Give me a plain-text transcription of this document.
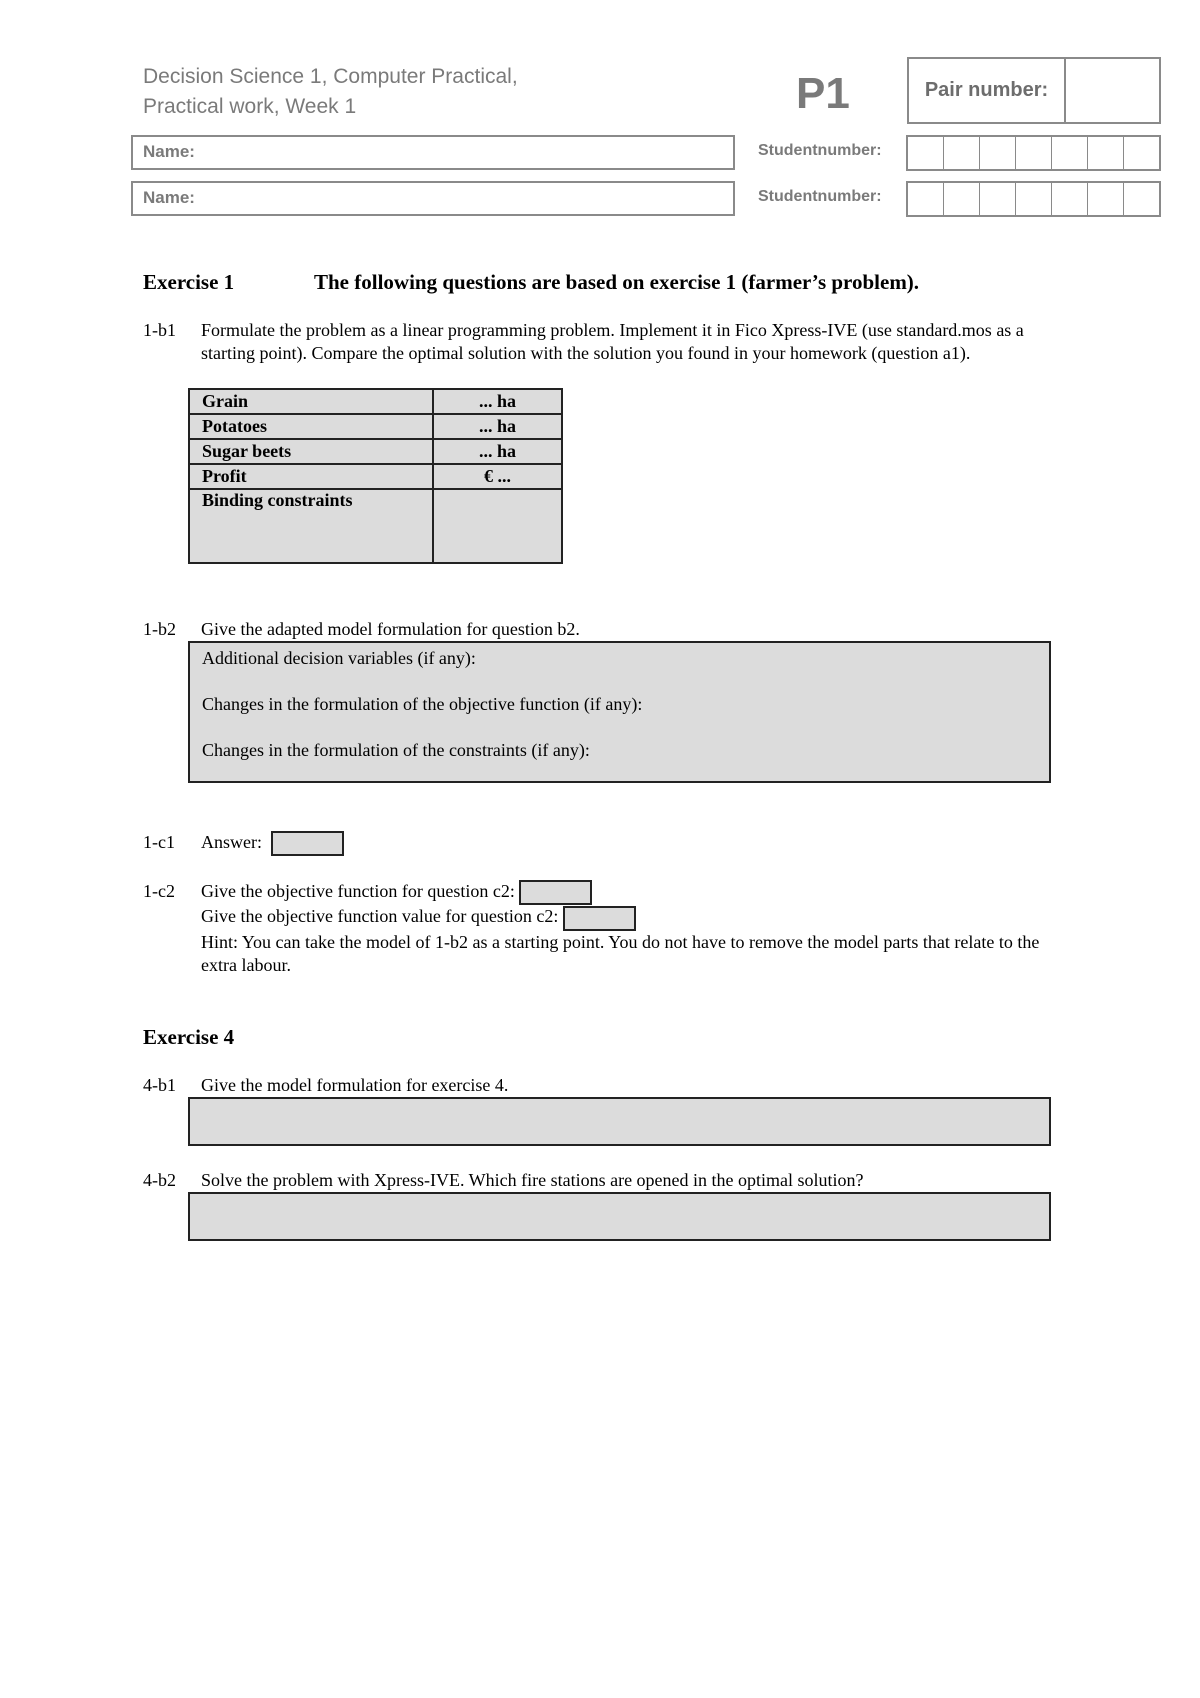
Decision Science 1, Computer Practical,
Practical work, Week 1	P1	Pair number:
Name:	Studentnumber:
Name:	Studentnumber:
Exercise 1	The following questions are based on exercise 1 (farmer’s problem).
1-b1 Formulate the problem as a linear programming problem. Implement it in Fico Xpress-IVE (use standard.mos as a starting point). Compare the optimal solution with the solution you found in your homework (question a1).
Grain	... ha
Potatoes	... ha
Sugar beets	... ha
Profit	€ ...
Binding constraints	
1-b2 Give the adapted model formulation for question b2.
Additional decision variables (if any):
Changes in the formulation of the objective function (if any):
Changes in the formulation of the constraints (if any):
1-c1 Answer:
1-c2 Give the objective function for question c2:
Give the objective function value for question c2:
Hint: You can take the model of 1-b2 as a starting point. You do not have to remove the model parts that relate to the extra labour.
Exercise 4
4-b1 Give the model formulation for exercise 4.
4-b2 Solve the problem with Xpress-IVE. Which fire stations are opened in the optimal solution?
